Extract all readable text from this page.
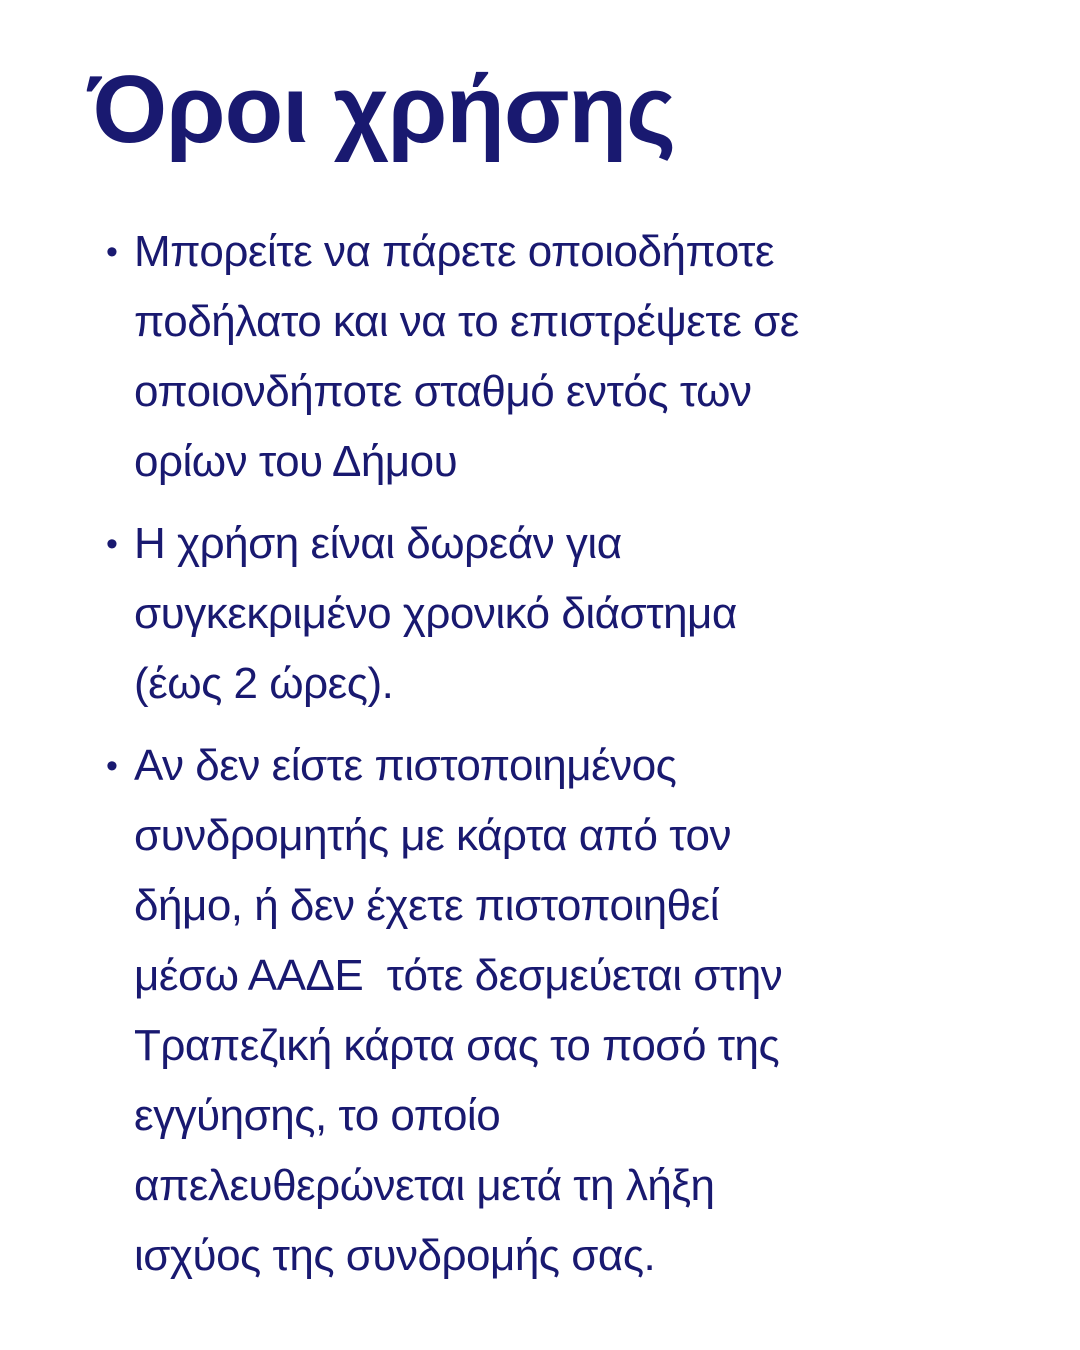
Όροι χρήσης
• Μπορείτε να πάρετε οποιοδήποτε
ποδήλατο και να το επιστρέψετε σε
οποιονδήποτε σταθμό εντός των
ορίων του Δήμου
• Η χρήση είναι δωρεάν για
συγκεκριμένο χρονικό διάστημα
(έως 2 ώρες).
• Αν δεν είστε πιστοποιημένος
συνδρομητής με κάρτα από τον
δήμο, ή δεν έχετε πιστοποιηθεί
μέσω ΑΑΔΕ  τότε δεσμεύεται στην
Τραπεζική κάρτα σας το ποσό της
εγγύησης, το οποίο
απελευθερώνεται μετά τη λήξη
ισχύος της συνδρομής σας.
